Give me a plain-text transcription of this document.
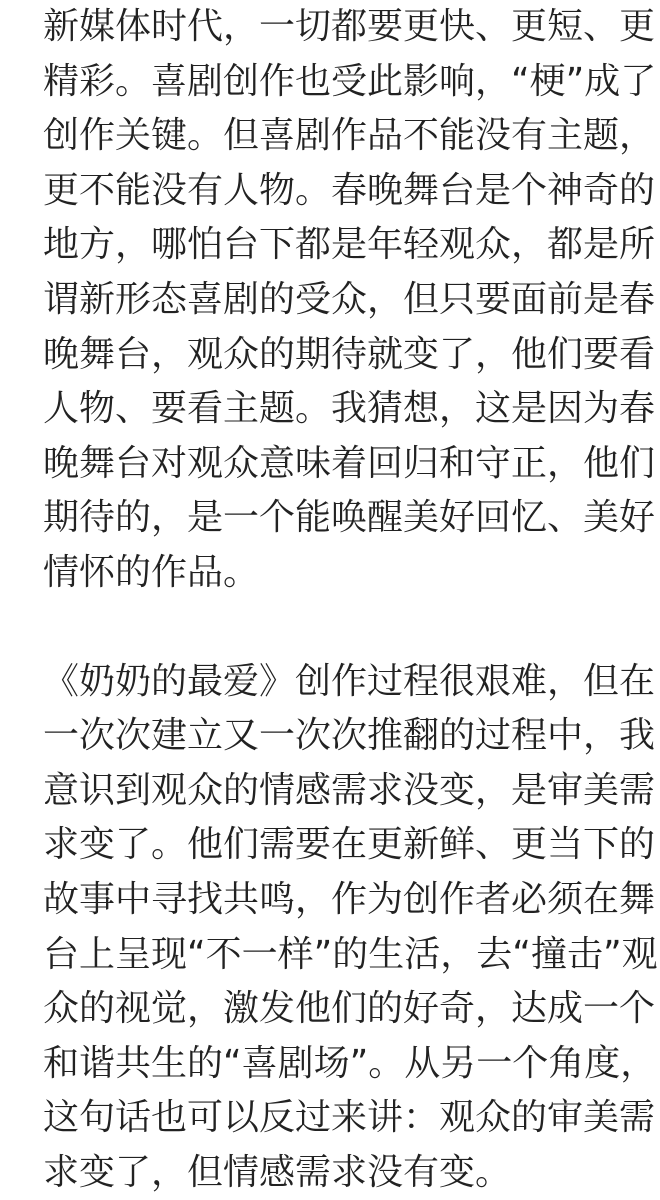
新媒体时代，一切都要更快、更短、更
精彩。喜剧创作也受此影响，“梗”成了
创作关键。但喜剧作品不能没有主题，
更不能没有人物。春晚舞台是个神奇的
地方，哪怕台下都是年轻观众，都是所
谓新形态喜剧的受众，但只要面前是春
晚舞台，观众的期待就变了，他们要看
人物、要看主题。我猜想，这是因为春
晚舞台对观众意味着回归和守正，他们
期待的，是一个能唤醒美好回忆、美好
情怀的作品。
《奶奶的最爱》创作过程很艰难，但在
一次次建立又一次次推翻的过程中，我
意识到观众的情感需求没变，是审美需
求变了。他们需要在更新鲜、更当下的
故事中寻找共鸣，作为创作者必须在舞
台上呈现“不一样”的生活，去“撞击”观
众的视觉，激发他们的好奇，达成一个
和谐共生的“喜剧场”。从另一个角度，
这句话也可以反过来讲：观众的审美需
求变了，但情感需求没有变。
